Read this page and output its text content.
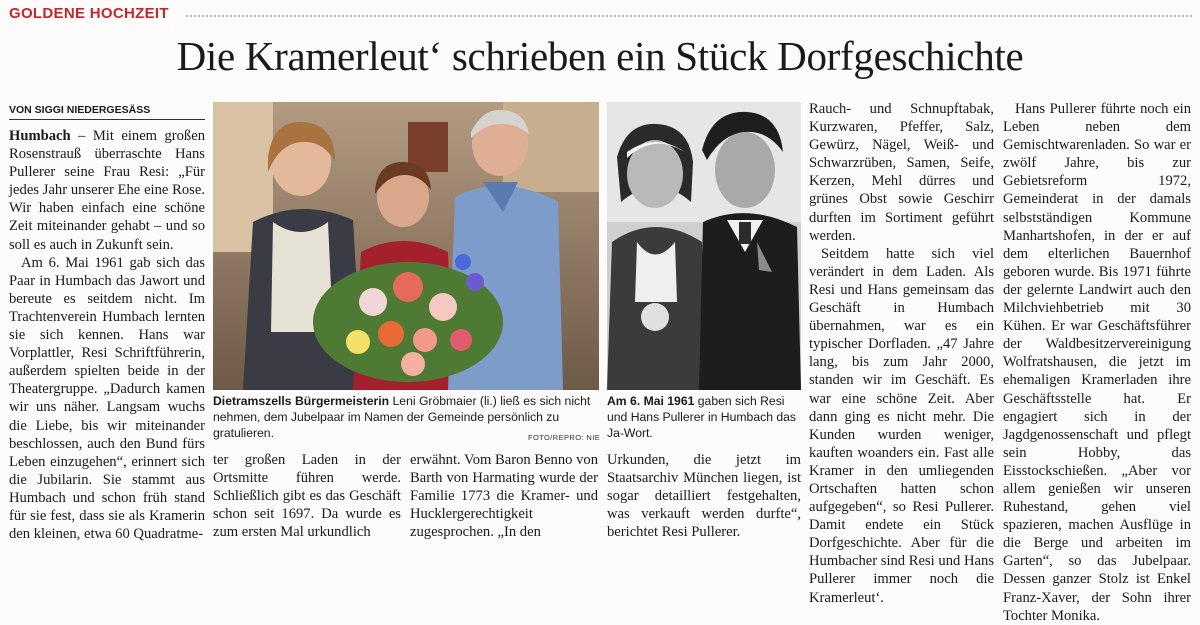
GOLDENE HOCHZEIT
Die Kramerleut‘ schrieben ein Stück Dorfgeschichte
VON SIGGI NIEDERGESÄSS

Humbach – Mit einem großen Rosenstrauß überraschte Hans Pullerer seine Frau Resi: „Für jedes Jahr unserer Ehe eine Rose. Wir haben einfach eine schöne Zeit miteinander gehabt – und so soll es auch in Zukunft sein.

Am 6. Mai 1961 gab sich das Paar in Humbach das Jawort und bereute es seitdem nicht. Im Trachtenverein Humbach lernten sie sich kennen. Hans war Vorplattler, Resi Schriftführerin, außerdem spielten beide in der Theatergruppe. „Dadurch kamen wir uns näher. Langsam wuchs die Liebe, bis wir miteinander beschlossen, auch den Bund fürs Leben einzugehen“, erinnert sich die Jubilarin. Sie stammt aus Humbach und schon früh stand für sie fest, dass sie als Kramerin den kleinen, etwa 60 Quadratme-

Dietramszells Bürgermeisterin Leni Gröbmaier (li.) ließ es sich nicht nehmen, dem Jubelpaar im Namen der Gemeinde persönlich zu gratulieren.	FOTO/REPRO: NIE
Am 6. Mai 1961 gaben sich Resi und Hans Pullerer in Humbach das Ja-Wort.
ter großen Laden in der Ortsmitte führen werde. Schließlich gibt es das Geschäft schon seit 1697. Da wurde es zum ersten Mal urkundlich
erwähnt. Vom Baron Benno von Barth von Harmating wurde der Familie 1773 die Kramer- und Hucklergerechtigkeit zugesprochen. „In den
Urkunden, die jetzt im Staatsarchiv München liegen, ist sogar detailliert festgehalten, was verkauft werden durfte“, berichtet Resi Pullerer.

Rauch- und Schnupftabak, Kurzwaren, Pfeffer, Salz, Gewürz, Nägel, Weiß- und Schwarzrüben, Samen, Seife, Kerzen, Mehl dürres und grünes Obst sowie Geschirr durften im Sortiment geführt werden.

Seitdem hatte sich viel verändert in dem Laden. Als Resi und Hans gemeinsam das Geschäft in Humbach übernahmen, war es ein typischer Dorfladen. „47 Jahre lang, bis zum Jahr 2000, standen wir im Geschäft. Es war eine schöne Zeit. Aber dann ging es nicht mehr. Die Kunden wurden weniger, kauften woanders ein. Fast alle Kramer in den umliegenden Ortschaften hatten schon aufgegeben“, so Resi Pullerer. Damit endete ein Stück Dorfgeschichte. Aber für die Humbacher sind Resi und Hans Pullerer immer noch die Kramerleut‘.

Hans Pullerer führte noch ein Leben neben dem Gemischtwarenladen. So war er zwölf Jahre, bis zur Gebietsreform 1972, Gemeinderat in der damals selbstständigen Kommune Manhartshofen, in der er auf dem elterlichen Bauernhof geboren wurde. Bis 1971 führte der gelernte Landwirt auch den Milchviehbetrieb mit 30 Kühen. Er war Geschäftsführer der Waldbesitzervereinigung Wolfratshausen, die jetzt im ehemaligen Kramerladen ihre Geschäftsstelle hat. Er engagiert sich in der Jagdgenossenschaft und pflegt sein Hobby, das Eisstockschießen. „Aber vor allem genießen wir unseren Ruhestand, gehen viel spazieren, machen Ausflüge in die Berge und arbeiten im Garten“, so das Jubelpaar. Dessen ganzer Stolz ist Enkel Franz-Xaver, der Sohn ihrer Tochter Monika.
